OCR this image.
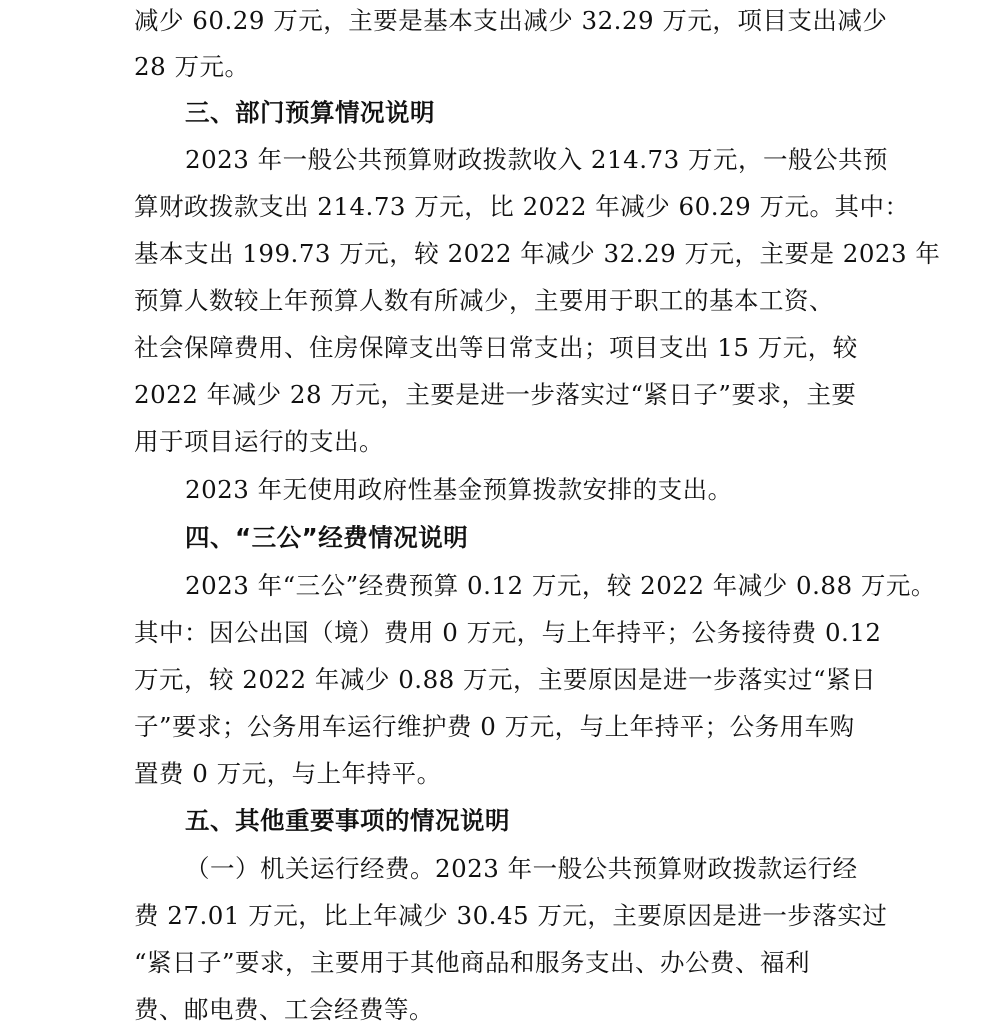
减少 60.29 万元，主要是基本支出减少 32.29 万元，项目支出减少
28 万元。
三、部门预算情况说明
2023 年一般公共预算财政拨款收入 214.73 万元，一般公共预
算财政拨款支出 214.73 万元，比 2022 年减少 60.29 万元。其中：
基本支出 199.73 万元，较 2022 年减少 32.29 万元，主要是 2023 年
预算人数较上年预算人数有所减少，主要用于职工的基本工资、
社会保障费用、住房保障支出等日常支出；项目支出 15 万元，较
2022 年减少 28 万元，主要是进一步落实过“紧日子”要求，主要
用于项目运行的支出。
2023 年无使用政府性基金预算拨款安排的支出。
四、“三公”经费情况说明
2023 年“三公”经费预算 0.12 万元，较 2022 年减少 0.88 万元。
其中：因公出国（境）费用 0 万元，与上年持平；公务接待费 0.12
万元，较 2022 年减少 0.88 万元，主要原因是进一步落实过“紧日
子”要求；公务用车运行维护费 0 万元，与上年持平；公务用车购
置费 0 万元，与上年持平。
五、其他重要事项的情况说明
（一）机关运行经费。2023 年一般公共预算财政拨款运行经
费 27.01 万元，比上年减少 30.45 万元，主要原因是进一步落实过
“紧日子”要求，主要用于其他商品和服务支出、办公费、福利
费、邮电费、工会经费等。
